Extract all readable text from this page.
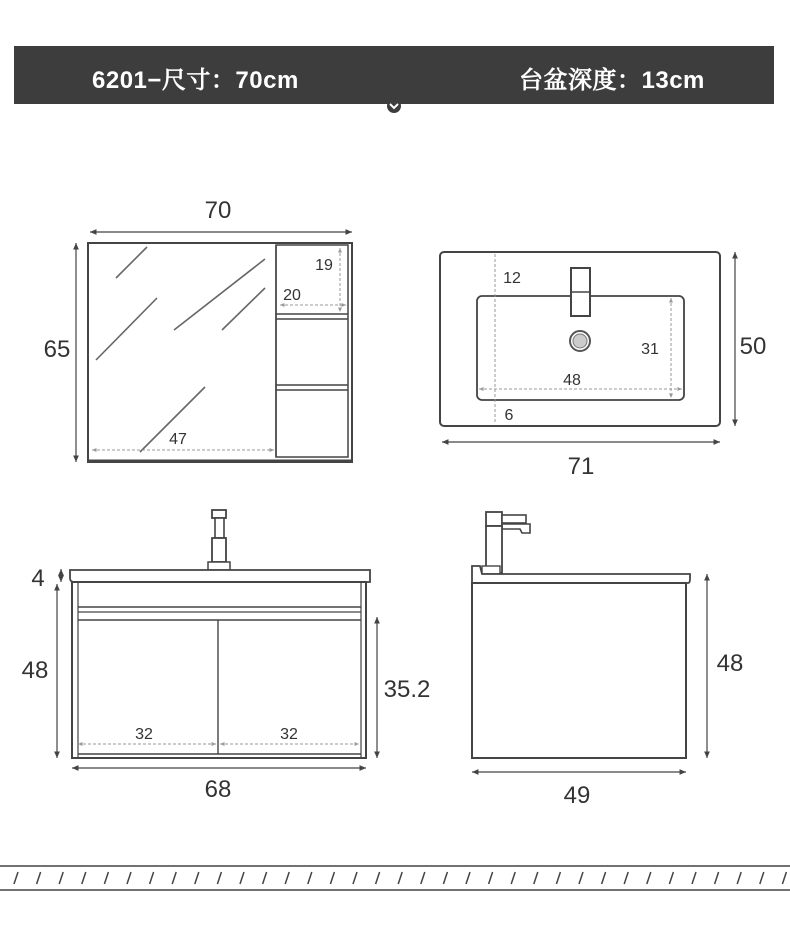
6201−尺寸：70cm	台盆深度：13cm
70
65
47
20
19
12
6
48
31
71
50
4
48
35.2
32	32
68
48
49
